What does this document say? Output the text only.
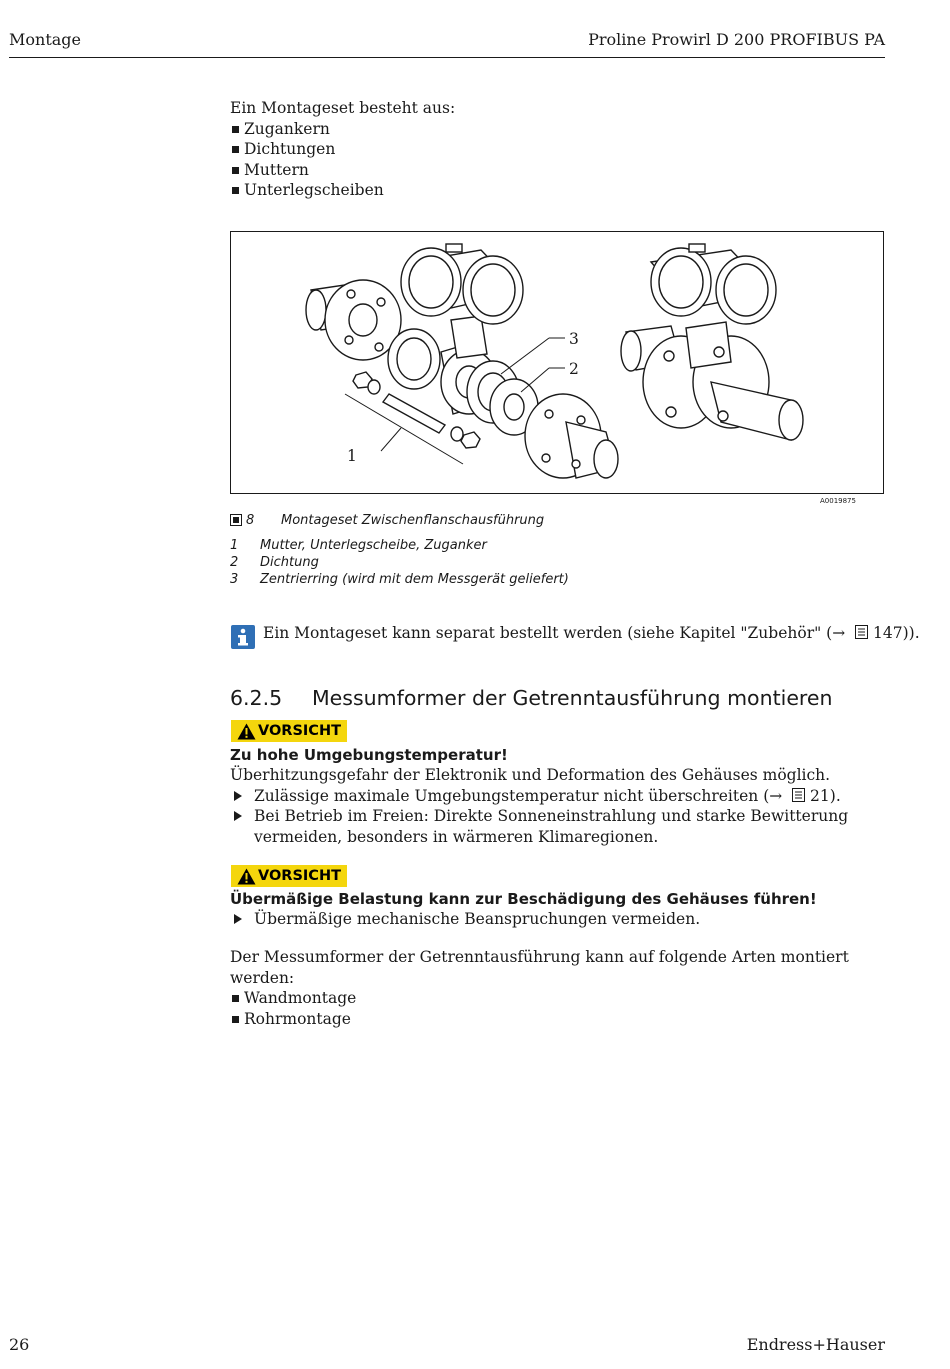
Montage	Proline Prowirl D 200 PROFIBUS PA
Ein Montageset besteht aus:
Zugankern
Dichtungen
Muttern
Unterlegscheiben
1
2
3
A0019875
8 Montageset Zwischenflanschausführung
1 Mutter, Unterlegscheibe, Zuganker
2 Dichtung
3 Zentrierring (wird mit dem Messgerät geliefert)
Ein Montageset kann separat bestellt werden (siehe Kapitel "Zubehör" (→ 147)).
6.2.5 Messumformer der Getrenntausführung montieren
VORSICHT
Zu hohe Umgebungstemperatur!
Überhitzungsgefahr der Elektronik und Deformation des Gehäuses möglich.
Zulässige maximale Umgebungstemperatur nicht überschreiten (→ 21).
Bei Betrieb im Freien: Direkte Sonneneinstrahlung und starke Bewitterung vermeiden, besonders in wärmeren Klimaregionen.
VORSICHT
Übermäßige Belastung kann zur Beschädigung des Gehäuses führen!
Übermäßige mechanische Beanspruchungen vermeiden.
Der Messumformer der Getrenntausführung kann auf folgende Arten montiert werden:
Wandmontage
Rohrmontage
26	Endress+Hauser
